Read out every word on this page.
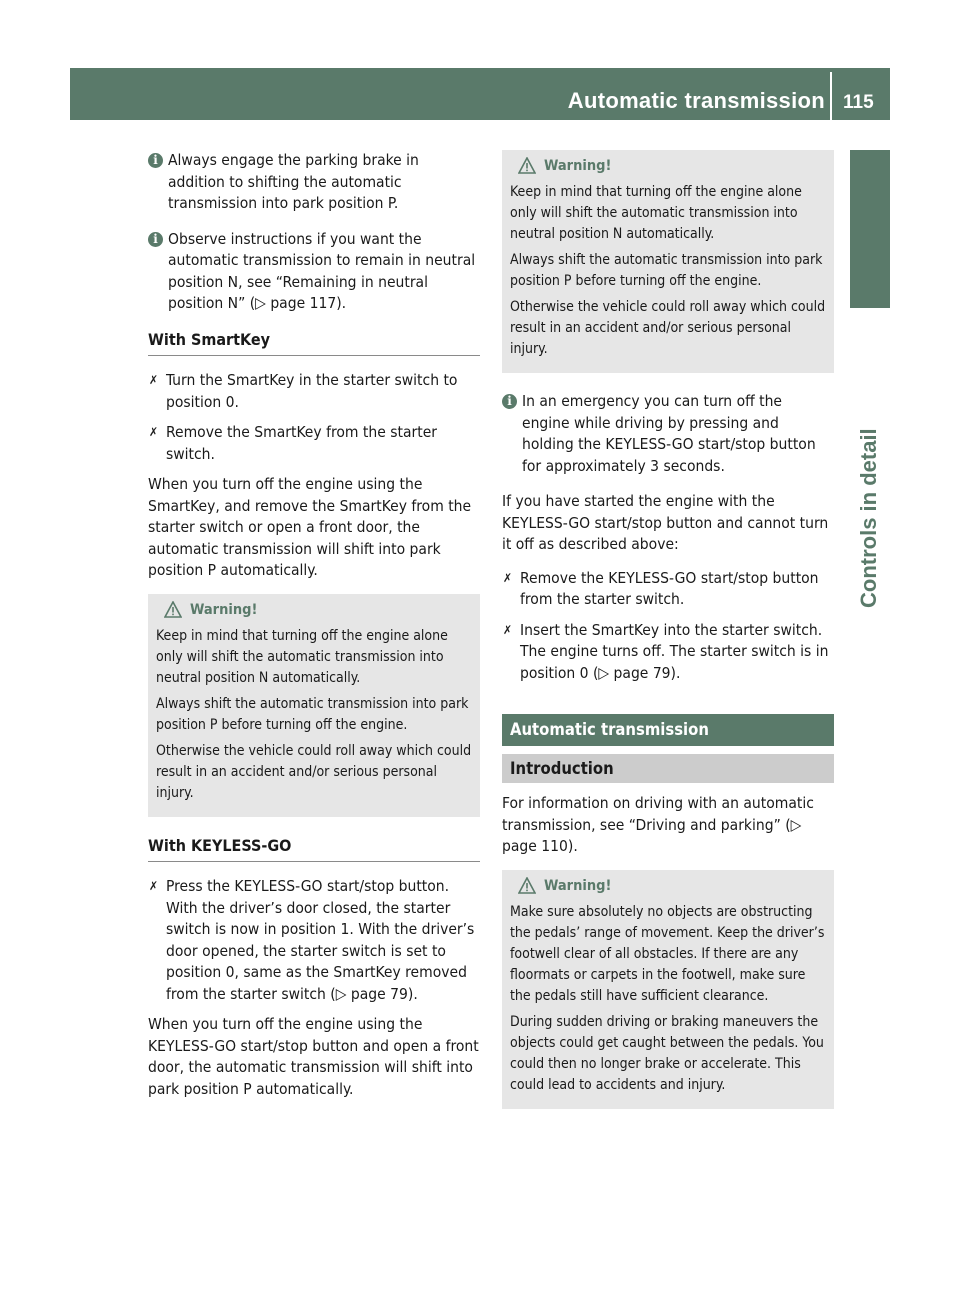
Automatic transmission 115
Controls in detail
i Always engage the parking brake in addition to shifting the automatic transmission into park position P.
i Observe instructions if you want the automatic transmission to remain in neutral position N, see “Remaining in neutral position N” (▷ page 117).
With SmartKey
✗ Turn the SmartKey in the starter switch to position 0.
✗ Remove the SmartKey from the starter switch.
When you turn off the engine using the SmartKey, and remove the SmartKey from the starter switch or open a front door, the automatic transmission will shift into park position P automatically.
Warning!

Keep in mind that turning off the engine alone only will shift the automatic transmission into neutral position N automatically.

Always shift the automatic transmission into park position P before turning off the engine.

Otherwise the vehicle could roll away which could result in an accident and/or serious personal injury.

With KEYLESS-GO
✗ Press the KEYLESS-GO start/stop button. With the driver’s door closed, the starter switch is now in position 1. With the driver’s door opened, the starter switch is set to position 0, same as the SmartKey removed from the starter switch (▷ page 79).
When you turn off the engine using the KEYLESS-GO start/stop button and open a front door, the automatic transmission will shift into park position P automatically.
Warning!

Keep in mind that turning off the engine alone only will shift the automatic transmission into neutral position N automatically.

Always shift the automatic transmission into park position P before turning off the engine.

Otherwise the vehicle could roll away which could result in an accident and/or serious personal injury.

i In an emergency you can turn off the engine while driving by pressing and holding the KEYLESS-GO start/stop button for approximately 3 seconds.
If you have started the engine with the KEYLESS-GO start/stop button and cannot turn it off as described above:
✗ Remove the KEYLESS-GO start/stop button from the starter switch.
✗ Insert the SmartKey into the starter switch. The engine turns off. The starter switch is in position 0 (▷ page 79).
Automatic transmission
Introduction
For information on driving with an automatic transmission, see “Driving and parking” (▷ page 110).
Warning!

Make sure absolutely no objects are obstructing the pedals’ range of movement. Keep the driver’s footwell clear of all obstacles. If there are any floormats or carpets in the footwell, make sure the pedals still have sufficient clearance.

During sudden driving or braking maneuvers the objects could get caught between the pedals. You could then no longer brake or accelerate. This could lead to accidents and injury.
